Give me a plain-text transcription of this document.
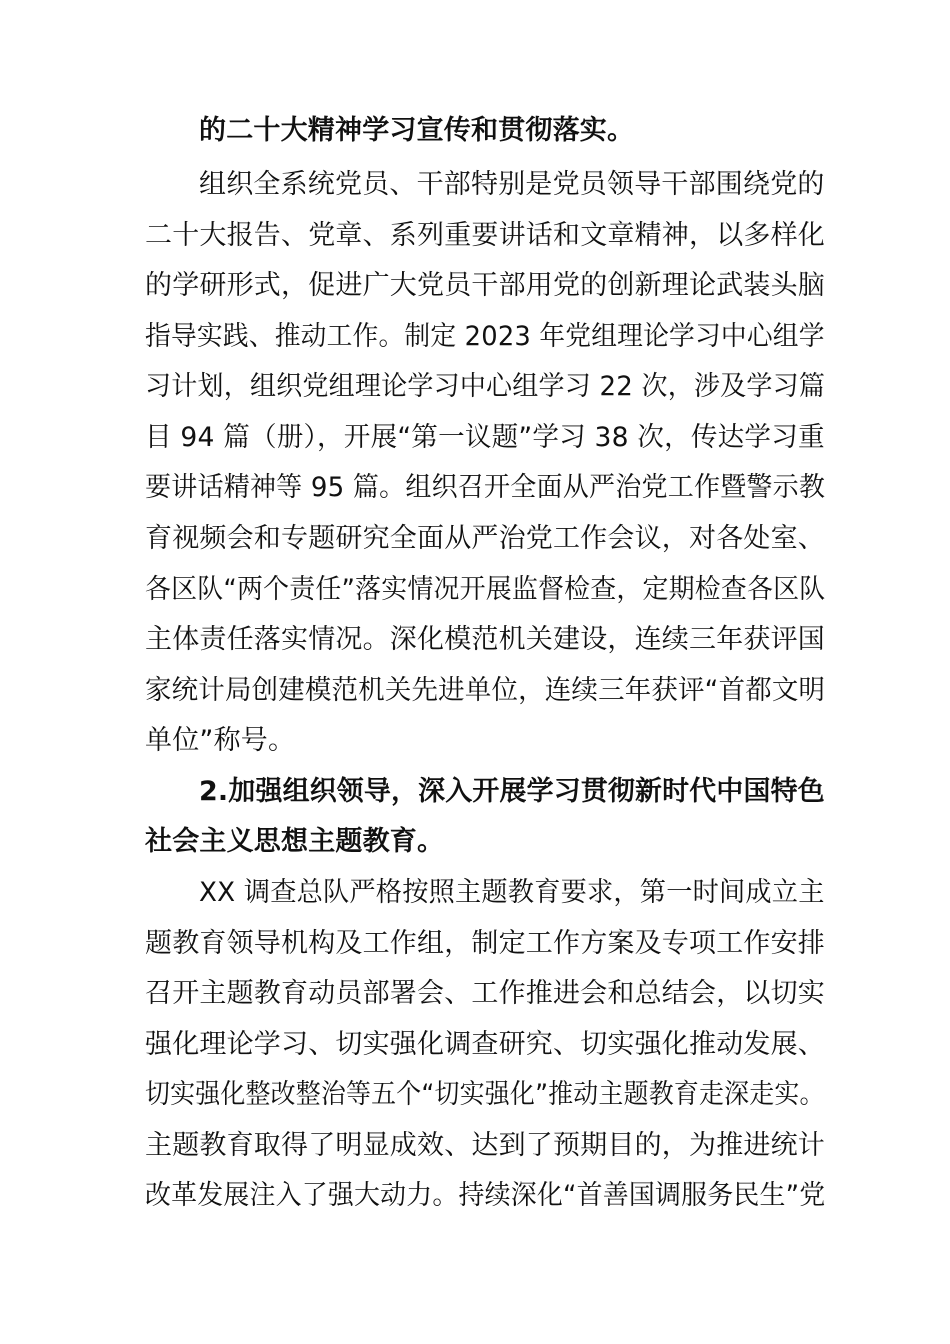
的二十大精神学习宣传和贯彻落实。
组织全系统党员、干部特别是党员领导干部围绕党的
二十大报告、党章、系列重要讲话和文章精神，以多样化
的学研形式，促进广大党员干部用党的创新理论武装头脑
指导实践、推动工作。制定 2023 年党组理论学习中心组学
习计划，组织党组理论学习中心组学习 22 次，涉及学习篇
目 94 篇（册），开展“第一议题”学习 38 次，传达学习重
要讲话精神等 95 篇。组织召开全面从严治党工作暨警示教
育视频会和专题研究全面从严治党工作会议，对各处室、
各区队“两个责任”落实情况开展监督检查，定期检查各区队
主体责任落实情况。深化模范机关建设，连续三年获评国
家统计局创建模范机关先进单位，连续三年获评“首都文明
单位”称号。
2.加强组织领导，深入开展学习贯彻新时代中国特色
社会主义思想主题教育。
XX 调查总队严格按照主题教育要求，第一时间成立主
题教育领导机构及工作组，制定工作方案及专项工作安排
召开主题教育动员部署会、工作推进会和总结会，以切实
强化理论学习、切实强化调查研究、切实强化推动发展、
切实强化整改整治等五个“切实强化”推动主题教育走深走实。
主题教育取得了明显成效、达到了预期目的，为推进统计
改革发展注入了强大动力。持续深化“首善国调服务民生”党
